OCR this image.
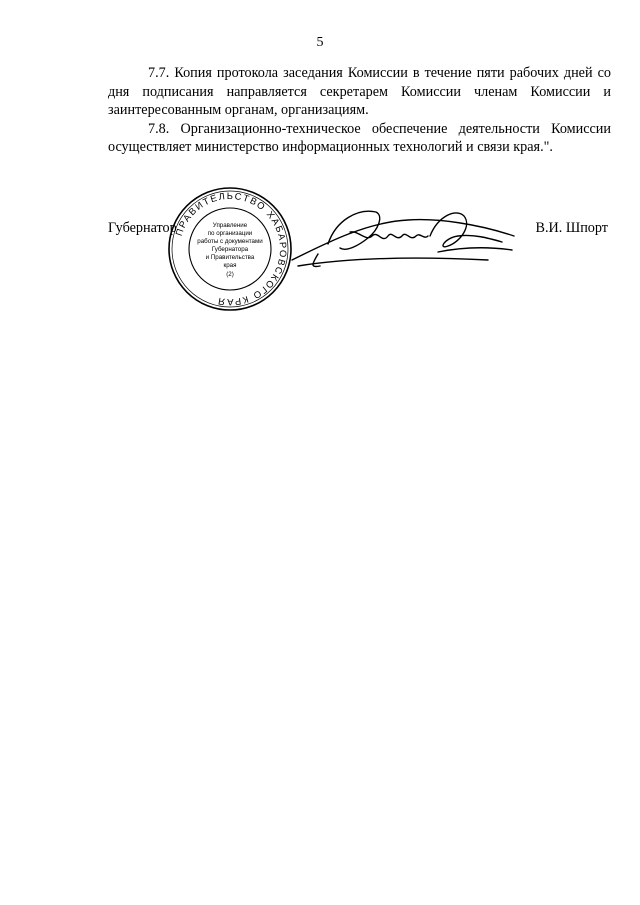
5

7.7. Копия протокола заседания Комиссии в течение пяти рабочих дней со дня подписания направляется секретарем Комиссии членам Комиссии и заинтересованным органам, организациям.

7.8. Организационно-техническое обеспечение деятельности Комиссии осуществляет министерство информационных технологий и связи края.".

Губернатор
ПРАВИТЕЛЬСТВО ХАБАРОВСКОГО КРАЯ
Управление
по организации
работы с документами
Губернатора
и Правительства
края
(2)
В.И. Шпорт
